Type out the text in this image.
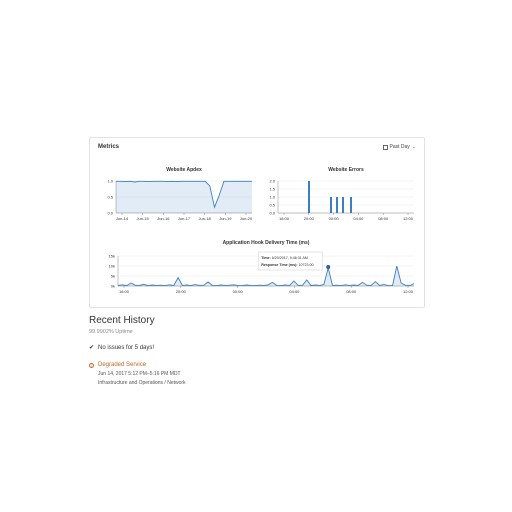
Metrics	Past Day ⌄
Website Apdex
1.0
0.5
0.0
Jun-14 Jun-15 Jun-16 Jun-17 Jun-18 Jun-19 Jun-20
Website Errors
2.0
1.5
1.0
0.5
0.0
16:00	20:00	00:00	04:00	08:00	12:00
Application Hook Delivery Time (ms)
15k
10k
5k
0k
16:00	20:00	00:00	04:00	08:00	12:00
Time: 6/20/2017, 9:46:31 AM
Response Time (ms): 10723.00
Recent History
99.9902% Uptime
✔ No issues for 5 days!
! Degraded Service
Jun 14, 2017 5:12 PM–5:16 PM MDT
Infrastructure and Operations / Network
